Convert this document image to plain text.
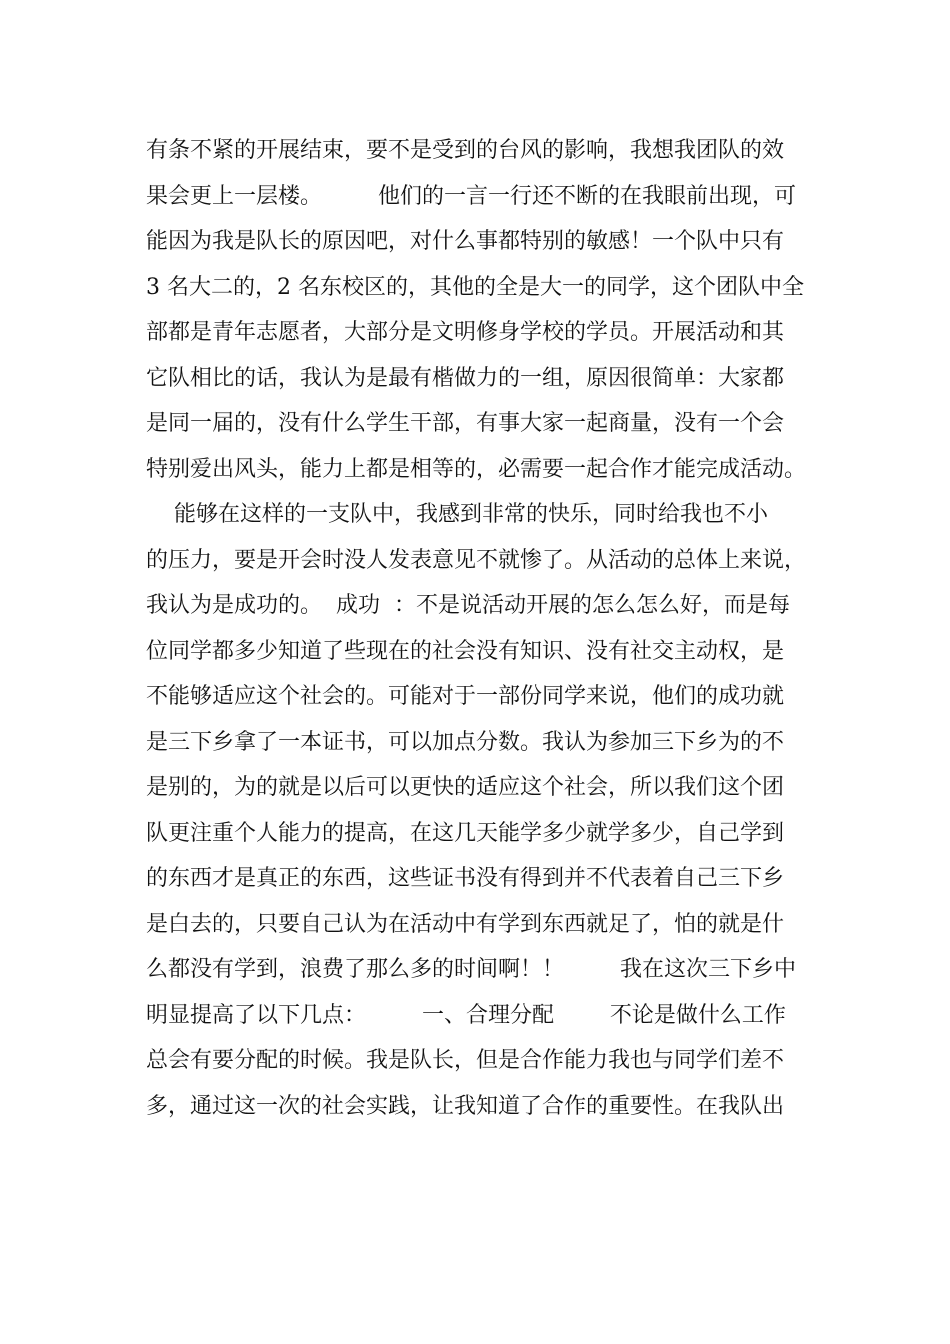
有条不紧的开展结束，要不是受到的台风的影响，我想我团队的效
果会更上一层楼。        他们的一言一行还不断的在我眼前出现，可
能因为我是队长的原因吧，对什么事都特别的敏感！一个队中只有
3 名大二的，2 名东校区的，其他的全是大一的同学，这个团队中全
部都是青年志愿者，大部分是文明修身学校的学员。开展活动和其
它队相比的话，我认为是最有楷做力的一组，原因很简单：大家都
是同一届的，没有什么学生干部，有事大家一起商量，没有一个会
特别爱出风头，能力上都是相等的，必需要一起合作才能完成活动。
能够在这样的一支队中，我感到非常的快乐，同时给我也不小
的压力，要是开会时没人发表意见不就惨了。从活动的总体上来说，
我认为是成功的。  成功  ：不是说活动开展的怎么怎么好，而是每
位同学都多少知道了些现在的社会没有知识、没有社交主动权，是
不能够适应这个社会的。可能对于一部份同学来说，他们的成功就
是三下乡拿了一本证书，可以加点分数。我认为参加三下乡为的不
是别的，为的就是以后可以更快的适应这个社会，所以我们这个团
队更注重个人能力的提高，在这几天能学多少就学多少，自己学到
的东西才是真正的东西，这些证书没有得到并不代表着自己三下乡
是白去的，只要自己认为在活动中有学到东西就足了，怕的就是什
么都没有学到，浪费了那么多的时间啊！！        我在这次三下乡中
明显提高了以下几点：        一、合理分配        不论是做什么工作
总会有要分配的时候。我是队长，但是合作能力我也与同学们差不
多，通过这一次的社会实践，让我知道了合作的重要性。在我队出
